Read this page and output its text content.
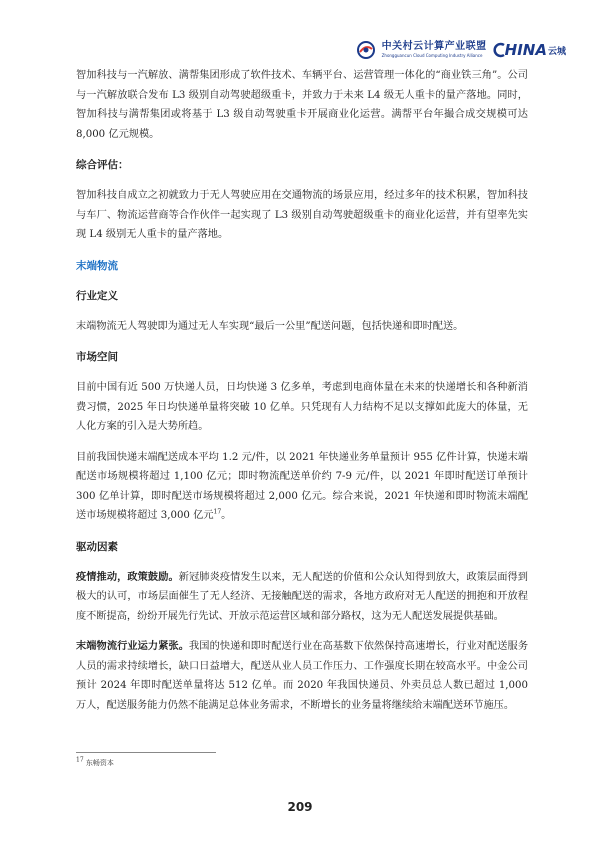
中关村云计算产业联盟
Zhongguancun Cloud Computing Industry Alliance HINA 云城

智加科技与一汽解放、满帮集团形成了软件技术、车辆平台、运营管理一体化的“商业铁三角”。公司与一汽解放联合发布 L3 级别自动驾驶超级重卡，并致力于未来 L4 级无人重卡的量产落地。同时，智加科技与满帮集团或将基于 L3 级自动驾驶重卡开展商业化运营。满帮平台年撮合成交规模可达 8,000 亿元规模。

综合评估：

智加科技自成立之初就致力于无人驾驶应用在交通物流的场景应用，经过多年的技术积累，智加科技与车厂、物流运营商等合作伙伴一起实现了 L3 级别自动驾驶超级重卡的商业化运营，并有望率先实现 L4 级别无人重卡的量产落地。

末端物流
行业定义

末端物流无人驾驶即为通过无人车实现“最后一公里”配送问题，包括快递和即时配送。

市场空间

目前中国有近 500 万快递人员，日均快递 3 亿多单，考虑到电商体量在未来的快递增长和各种新消费习惯，2025 年日均快递单量将突破 10 亿单。只凭现有人力结构不足以支撑如此庞大的体量，无人化方案的引入是大势所趋。

目前我国快递末端配送成本平均 1.2 元/件，以 2021 年快递业务单量预计 955 亿件计算，快递末端配送市场规模将超过 1,100 亿元；即时物流配送单价约 7-9 元/件，以 2021 年即时配送订单预计 300 亿单计算，即时配送市场规模将超过 2,000 亿元。综合来说，2021 年快递和即时物流末端配送市场规模将超过 3,000 亿元$^{17}$。

驱动因素

疫情推动，政策鼓励。新冠肺炎疫情发生以来，无人配送的价值和公众认知得到放大，政策层面得到极大的认可，市场层面催生了无人经济、无接触配送的需求，各地方政府对无人配送的拥抱和开放程度不断提高，纷纷开展先行先试、开放示范运营区域和部分路权，这为无人配送发展提供基础。

末端物流行业运力紧张。我国的快递和即时配送行业在高基数下依然保持高速增长，行业对配送服务人员的需求持续增长，缺口日益增大，配送从业人员工作压力、工作强度长期在较高水平。中金公司预计 2024 年即时配送单量将达 512 亿单。而 2020 年我国快递员、外卖员总人数已超过 1,000 万人，配送服务能力仍然不能满足总体业务需求，不断增长的业务量将继续给末端配送环节施压。

$^{17}$ 东畅资本
209
